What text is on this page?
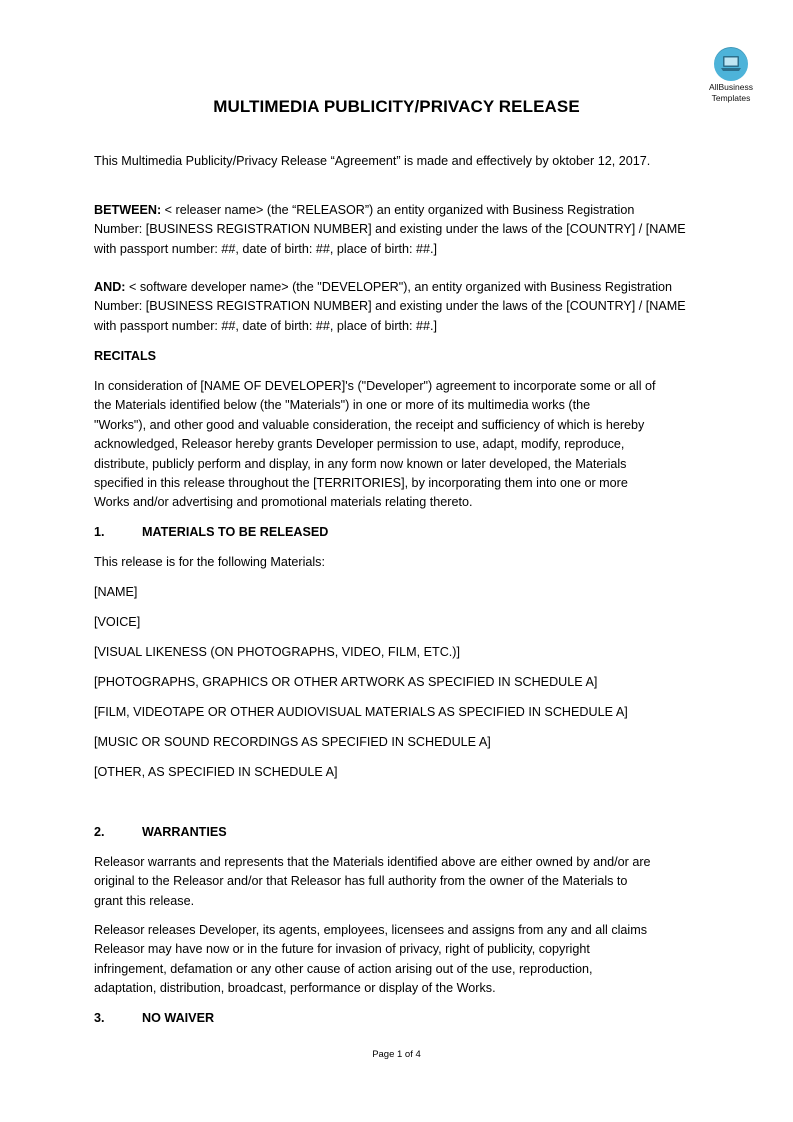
AllBusiness
Templates
MULTIMEDIA PUBLICITY/PRIVACY RELEASE

This Multimedia Publicity/Privacy Release “Agreement” is made and effectively by oktober 12, 2017.

BETWEEN: < releaser name> (the “RELEASOR”) an entity organized with Business Registration
Number: [BUSINESS REGISTRATION NUMBER] and existing under the laws of the [COUNTRY] / [NAME
with passport number: ##, date of birth: ##, place of birth: ##.]
AND: < software developer name> (the "DEVELOPER"), an entity organized with Business Registration
Number: [BUSINESS REGISTRATION NUMBER] and existing under the laws of the [COUNTRY] / [NAME
with passport number: ##, date of birth: ##, place of birth: ##.]
RECITALS
In consideration of [NAME OF DEVELOPER]'s ("Developer") agreement to incorporate some or all of
the Materials identified below (the "Materials") in one or more of its multimedia works (the
"Works"), and other good and valuable consideration, the receipt and sufficiency of which is hereby
acknowledged, Releasor hereby grants Developer permission to use, adapt, modify, reproduce,
distribute, publicly perform and display, in any form now known or later developed, the Materials
specified in this release throughout the [TERRITORIES], by incorporating them into one or more
Works and/or advertising and promotional materials relating thereto.
1.	MATERIALS TO BE RELEASED
This release is for the following Materials:
[NAME]
[VOICE]
[VISUAL LIKENESS (ON PHOTOGRAPHS, VIDEO, FILM, ETC.)]
[PHOTOGRAPHS, GRAPHICS OR OTHER ARTWORK AS SPECIFIED IN SCHEDULE A]
[FILM, VIDEOTAPE OR OTHER AUDIOVISUAL MATERIALS AS SPECIFIED IN SCHEDULE A]
[MUSIC OR SOUND RECORDINGS AS SPECIFIED IN SCHEDULE A]
[OTHER, AS SPECIFIED IN SCHEDULE A]
2.	WARRANTIES
Releasor warrants and represents that the Materials identified above are either owned by and/or are
original to the Releasor and/or that Releasor has full authority from the owner of the Materials to
grant this release.
Releasor releases Developer, its agents, employees, licensees and assigns from any and all claims
Releasor may have now or in the future for invasion of privacy, right of publicity, copyright
infringement, defamation or any other cause of action arising out of the use, reproduction,
adaptation, distribution, broadcast, performance or display of the Works.
3.	NO WAIVER
Page 1 of 4
